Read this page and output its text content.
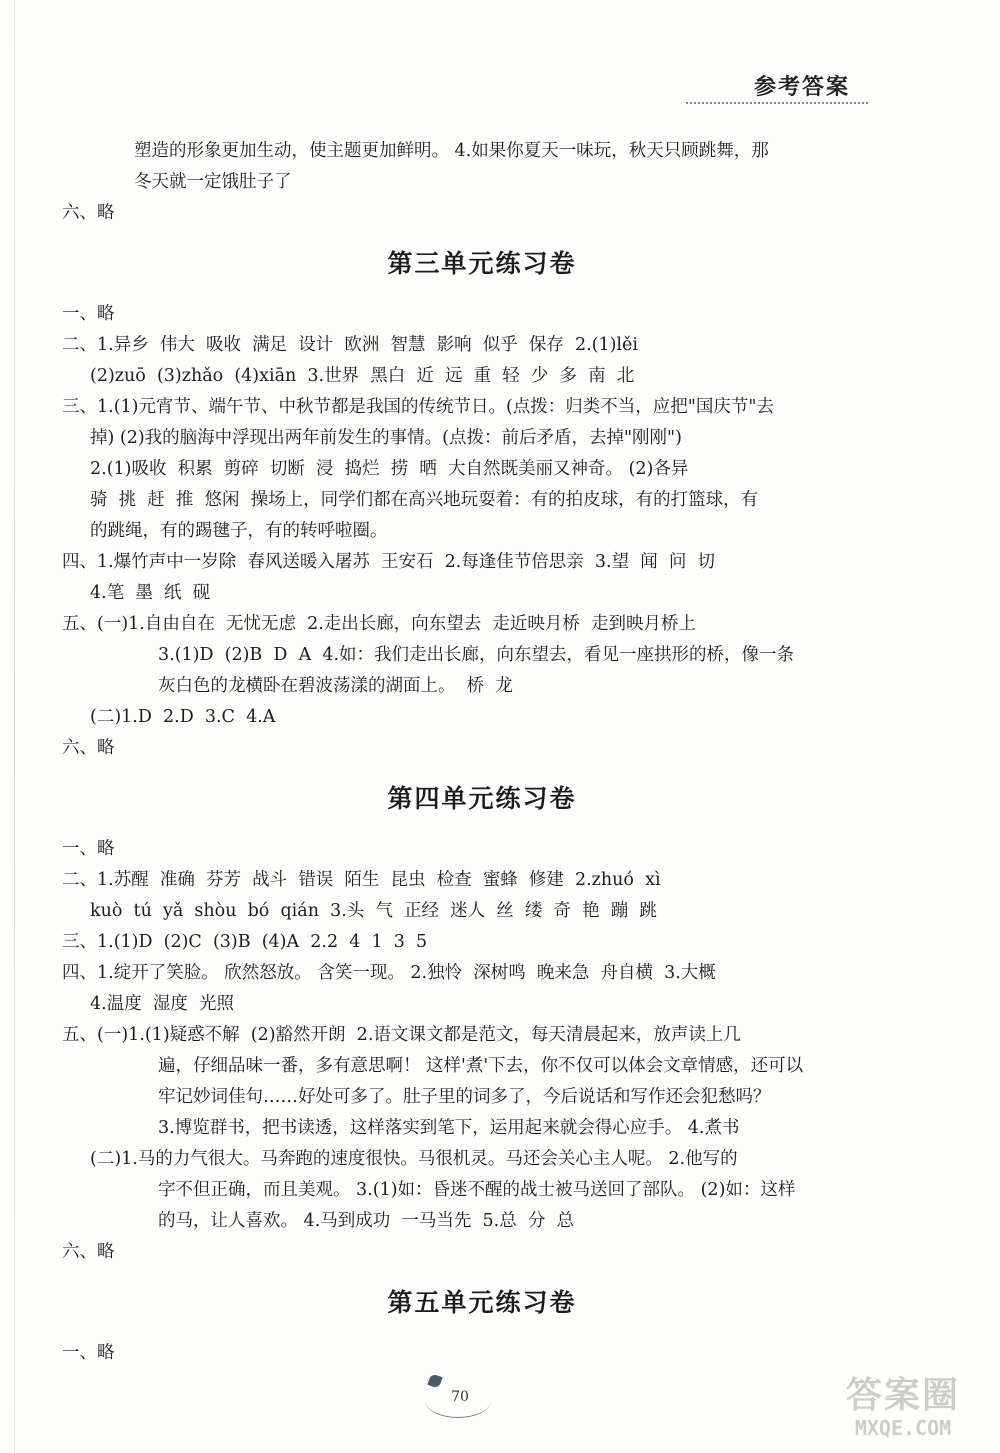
参考答案
塑造的形象更加生动，使主题更加鲜明。 4.如果你夏天一味玩，秋天只顾跳舞，那
冬天就一定饿肚子了
六、略
第三单元练习卷
一、略
二、1.异乡  伟大  吸收  满足  设计  欧洲  智慧  影响  似乎  保存  2.(1)lěi
(2)zuō  (3)zhǎo  (4)xiān  3.世界  黑白  近  远  重  轻  少  多  南  北
三、1.(1)元宵节、端午节、中秋节都是我国的传统节日。(点拨：归类不当，应把"国庆节"去
掉) (2)我的脑海中浮现出两年前发生的事情。(点拨：前后矛盾，去掉"刚刚")
2.(1)吸收  积累  剪碎  切断  浸  捣烂  捞  晒  大自然既美丽又神奇。 (2)各异
骑  挑  赶  推  悠闲  操场上，同学们都在高兴地玩耍着：有的拍皮球，有的打篮球，有
的跳绳，有的踢毽子，有的转呼啦圈。
四、1.爆竹声中一岁除  春风送暖入屠苏  王安石  2.每逢佳节倍思亲  3.望  闻  问  切
4.笔  墨  纸  砚
五、(一)1.自由自在  无忧无虑  2.走出长廊，向东望去  走近映月桥  走到映月桥上
3.(1)D  (2)B  D  A  4.如：我们走出长廊，向东望去，看见一座拱形的桥，像一条
灰白色的龙横卧在碧波荡漾的湖面上。  桥  龙
(二)1.D  2.D  3.C  4.A
六、略
第四单元练习卷
一、略
二、1.苏醒  准确  芬芳  战斗  错误  陌生  昆虫  检查  蜜蜂  修建  2.zhuó  xì
kuò  tú  yǎ  shòu  bó  qián  3.头  气  正经  迷人  丝  缕  奇  艳  蹦  跳
三、1.(1)D  (2)C  (3)B  (4)A  2.2  4  1  3  5
四、1.绽开了笑脸。 欣然怒放。 含笑一现。 2.独怜  深树鸣  晚来急  舟自横  3.大概
4.温度  湿度  光照
五、(一)1.(1)疑惑不解  (2)豁然开朗  2.语文课文都是范文，每天清晨起来，放声读上几
遍，仔细品味一番，多有意思啊！ 这样'煮'下去，你不仅可以体会文章情感，还可以
牢记妙词佳句……好处可多了。肚子里的词多了，今后说话和写作还会犯愁吗？
3.博览群书，把书读透，这样落实到笔下，运用起来就会得心应手。 4.煮书
(二)1.马的力气很大。马奔跑的速度很快。马很机灵。马还会关心主人呢。 2.他写的
字不但正确，而且美观。 3.(1)如：昏迷不醒的战士被马送回了部队。 (2)如：这样
的马，让人喜欢。 4.马到成功  一马当先  5.总  分  总
六、略
第五单元练习卷
一、略
70	答案圈
MXQE.COM
